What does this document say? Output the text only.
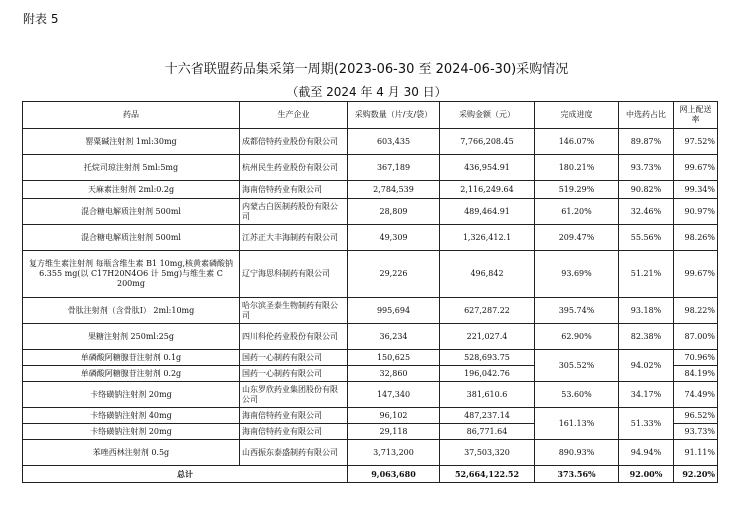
附表 5
十六省联盟药品集采第一周期(2023-06-30 至 2024-06-30)采购情况
（截至 2024 年 4 月 30 日）
药品	生产企业	采购数量（片/支/袋）	采购金额（元）	完成进度	中选药占比	网上配送率
罂粟碱注射剂 1ml:30mg	成都倍特药业股份有限公司	603,435	7,766,208.45	146.07%	89.87%	97.52%
托烷司琼注射剂 5ml:5mg	杭州民生药业股份有限公司	367,189	436,954.91	180.21%	93.73%	99.67%
天麻素注射剂 2ml:0.2g	海南倍特药业有限公司	2,784,539	2,116,249.64	519.29%	90.82%	99.34%
混合糖电解质注射剂 500ml	内蒙古白医制药股份有限公司	28,809	489,464.91	61.20%	32.46%	90.97%
混合糖电解质注射剂 500ml	江苏正大丰海制药有限公司	49,309	1,326,412.1	209.47%	55.56%	98.26%
复方维生素注射剂 每瓶含维生素 B1 10mg,核黄素磷酸钠 6.355 mg(以 C17H20N4O6 计 5mg)与维生素 C 200mg	辽宁海思科制药有限公司	29,226	496,842	93.69%	51.21%	99.67%
骨肽注射剂（含骨肽Ⅰ） 2ml:10mg	哈尔滨圣泰生物制药有限公司	995,694	627,287.22	395.74%	93.18%	98.22%
果糖注射剂 250ml:25g	四川科伦药业股份有限公司	36,234	221,027.4	62.90%	82.38%	87.00%
单磷酸阿糖腺苷注射剂 0.1g	国药一心制药有限公司	150,625	528,693.75	305.52%	94.02%	70.96%
单磷酸阿糖腺苷注射剂 0.2g	国药一心制药有限公司	32,860	196,042.76			84.19%
卡络磺钠注射剂 20mg	山东罗欣药业集团股份有限公司	147,340	381,610.6	53.60%	34.17%	74.49%
卡络磺钠注射剂 40mg	海南倍特药业有限公司	96,102	487,237.14	161.13%	51.33%	96.52%
卡络磺钠注射剂 20mg	海南倍特药业有限公司	29,118	86,771.64			93.73%
苯唑西林注射剂 0.5g	山西振东泰盛制药有限公司	3,713,200	37,503,320	890.93%	94.94%	91.11%
总计		9,063,680	52,664,122.52	373.56%	92.00%	92.20%
